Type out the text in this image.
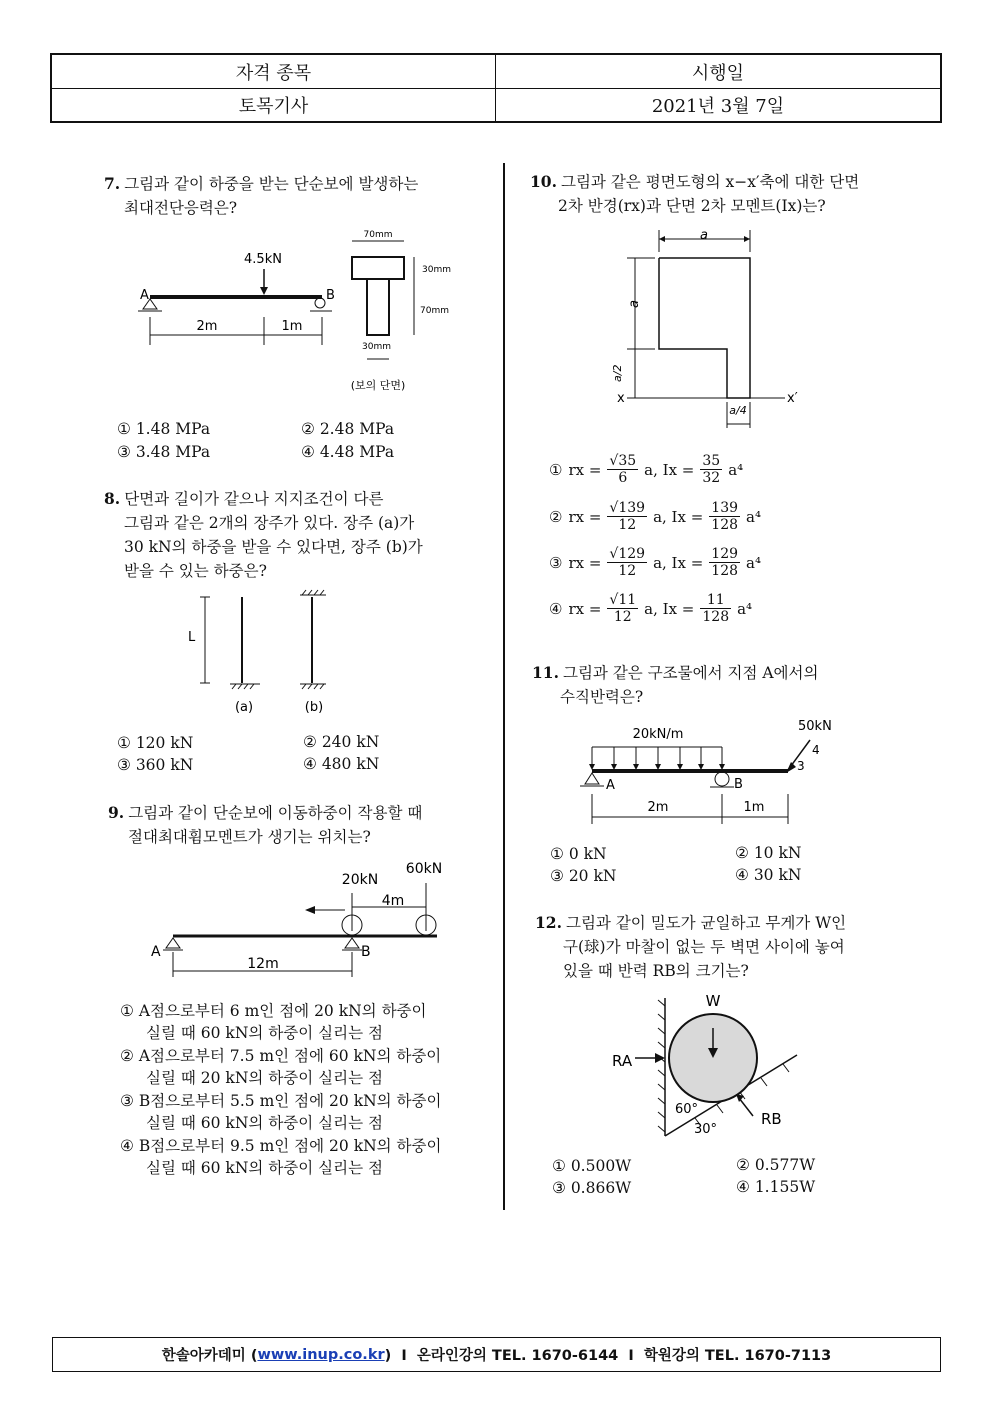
자격 종목	시행일
토목기사	2021년 3월 7일
7. 그림과 같이 하중을 받는 단순보에 발생하는
최대전단응력은?
4.5kN
A	B
2m	1m
70mm
30mm
70mm
30mm
(보의 단면)
① 1.48 MPa	② 2.48 MPa
③ 3.48 MPa	④ 4.48 MPa
8. 단면과 길이가 같으나 지지조건이 다른
그림과 같은 2개의 장주가 있다. 장주 (a)가
30 kN의 하중을 받을 수 있다면, 장주 (b)가
받을 수 있는 하중은?
L
(a)	(b)
① 120 kN	② 240 kN
③ 360 kN	④ 480 kN
9. 그림과 같이 단순보에 이동하중이 작용할 때
절대최대휨모멘트가 생기는 위치는?
20kN
60kN
4m
A	B
12m
① A점으로부터 6 m인 점에 20 kN의 하중이
실릴 때 60 kN의 하중이 실리는 점
② A점으로부터 7.5 m인 점에 60 kN의 하중이
실릴 때 20 kN의 하중이 실리는 점
③ B점으로부터 5.5 m인 점에 20 kN의 하중이
실릴 때 60 kN의 하중이 실리는 점
④ B점으로부터 9.5 m인 점에 20 kN의 하중이
실릴 때 60 kN의 하중이 실리는 점
10. 그림과 같은 평면도형의 x−x′축에 대한 단면
2차 반경(rx)과 단면 2차 모멘트(Ix)는?
a
a
a/2
x	x′
a/4
① rx = $\frac{√35}{6} a$, $Ix = \frac{35}{32} a^4$
② rx = $\frac{√139}{12} a$, $Ix = \frac{139}{128} a^4$
③ rx = $\frac{√129}{12} a$, $Ix = \frac{129}{128} a^4$
④ rx = $\frac{√11}{12} a$, $Ix = \frac{11}{128} a^4$
11. 그림과 같은 구조물에서 지점 A에서의
수직반력은?
20kN/m
50kN
4
3
A	B
2m	1m
① 0 kN	② 10 kN
③ 20 kN	④ 30 kN
12. 그림과 같이 밀도가 균일하고 무게가 W인
구(球)가 마찰이 없는 두 벽면 사이에 놓여
있을 때 반력 RB의 크기는?
W
RA
RB
60°
30°
① 0.500W	② 0.577W
③ 0.866W	④ 1.155W
한솔아카데미 ( www.inup.co.kr )  Ι  온라인강의 TEL. 1670-6144  Ι  학원강의 TEL. 1670-7113
